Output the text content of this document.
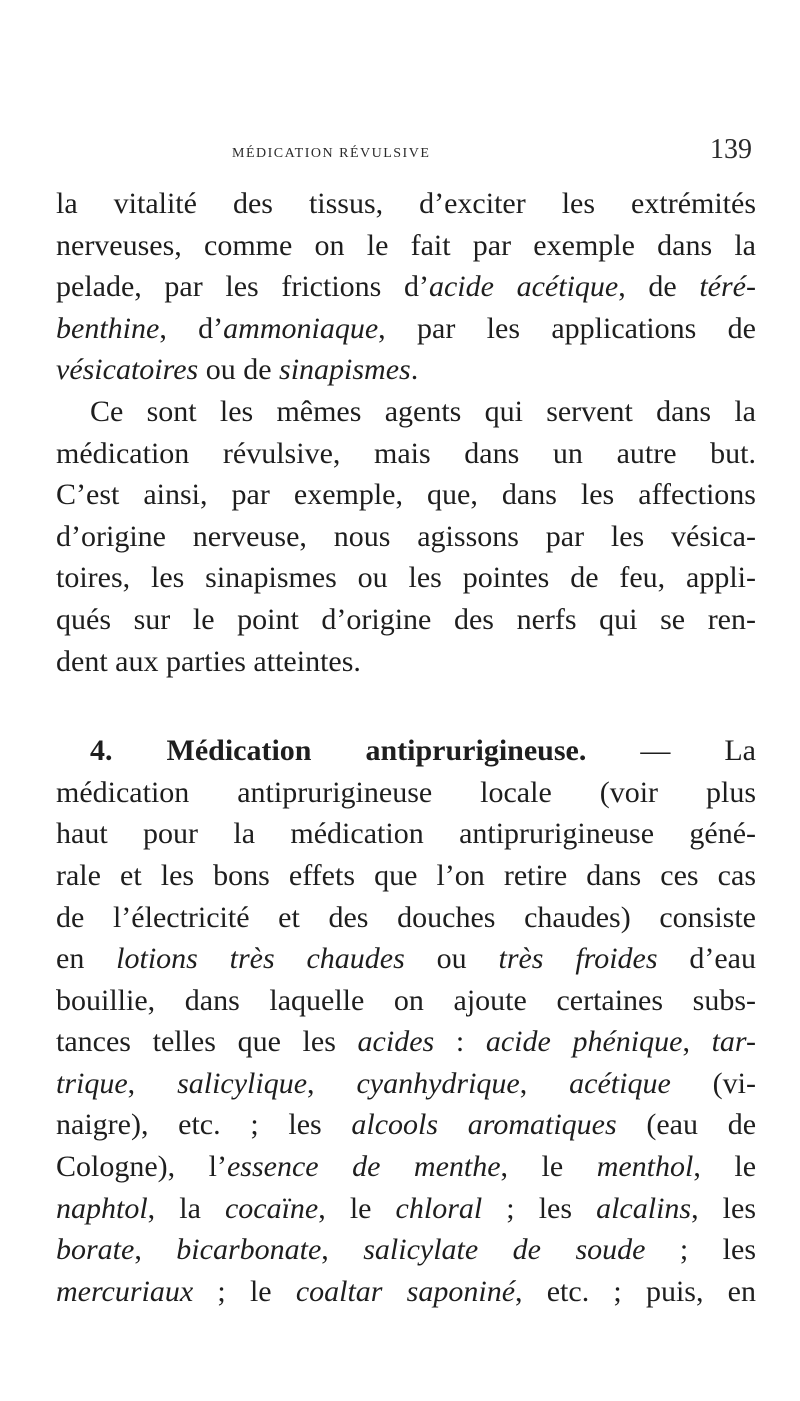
médication révulsive	139
la vitalité des tissus, d’exciter les extrémités
nerveuses, comme on le fait par exemple dans la
pelade, par les frictions d’acide acétique, de téré-
benthine, d’ammoniaque, par les applications de
vésicatoires ou de sinapismes.
Ce sont les mêmes agents qui servent dans la
médication révulsive, mais dans un autre but.
C’est ainsi, par exemple, que, dans les affections
d’origine nerveuse, nous agissons par les vésica-
toires, les sinapismes ou les pointes de feu, appli-
qués sur le point d’origine des nerfs qui se ren-
dent aux parties atteintes.
4. Médication antiprurigineuse. — La
médication antiprurigineuse locale (voir plus
haut pour la médication antiprurigineuse géné-
rale et les bons effets que l’on retire dans ces cas
de l’électricité et des douches chaudes) consiste
en lotions très chaudes ou très froides d’eau
bouillie, dans laquelle on ajoute certaines subs-
tances telles que les acides : acide phénique, tar-
trique, salicylique, cyanhydrique, acétique (vi-
naigre), etc. ; les alcools aromatiques (eau de
Cologne), l’essence de menthe, le menthol, le
naphtol, la cocaïne, le chloral ; les alcalins, les
borate, bicarbonate, salicylate de soude ; les
mercuriaux ; le coaltar saponiné, etc. ; puis, en
